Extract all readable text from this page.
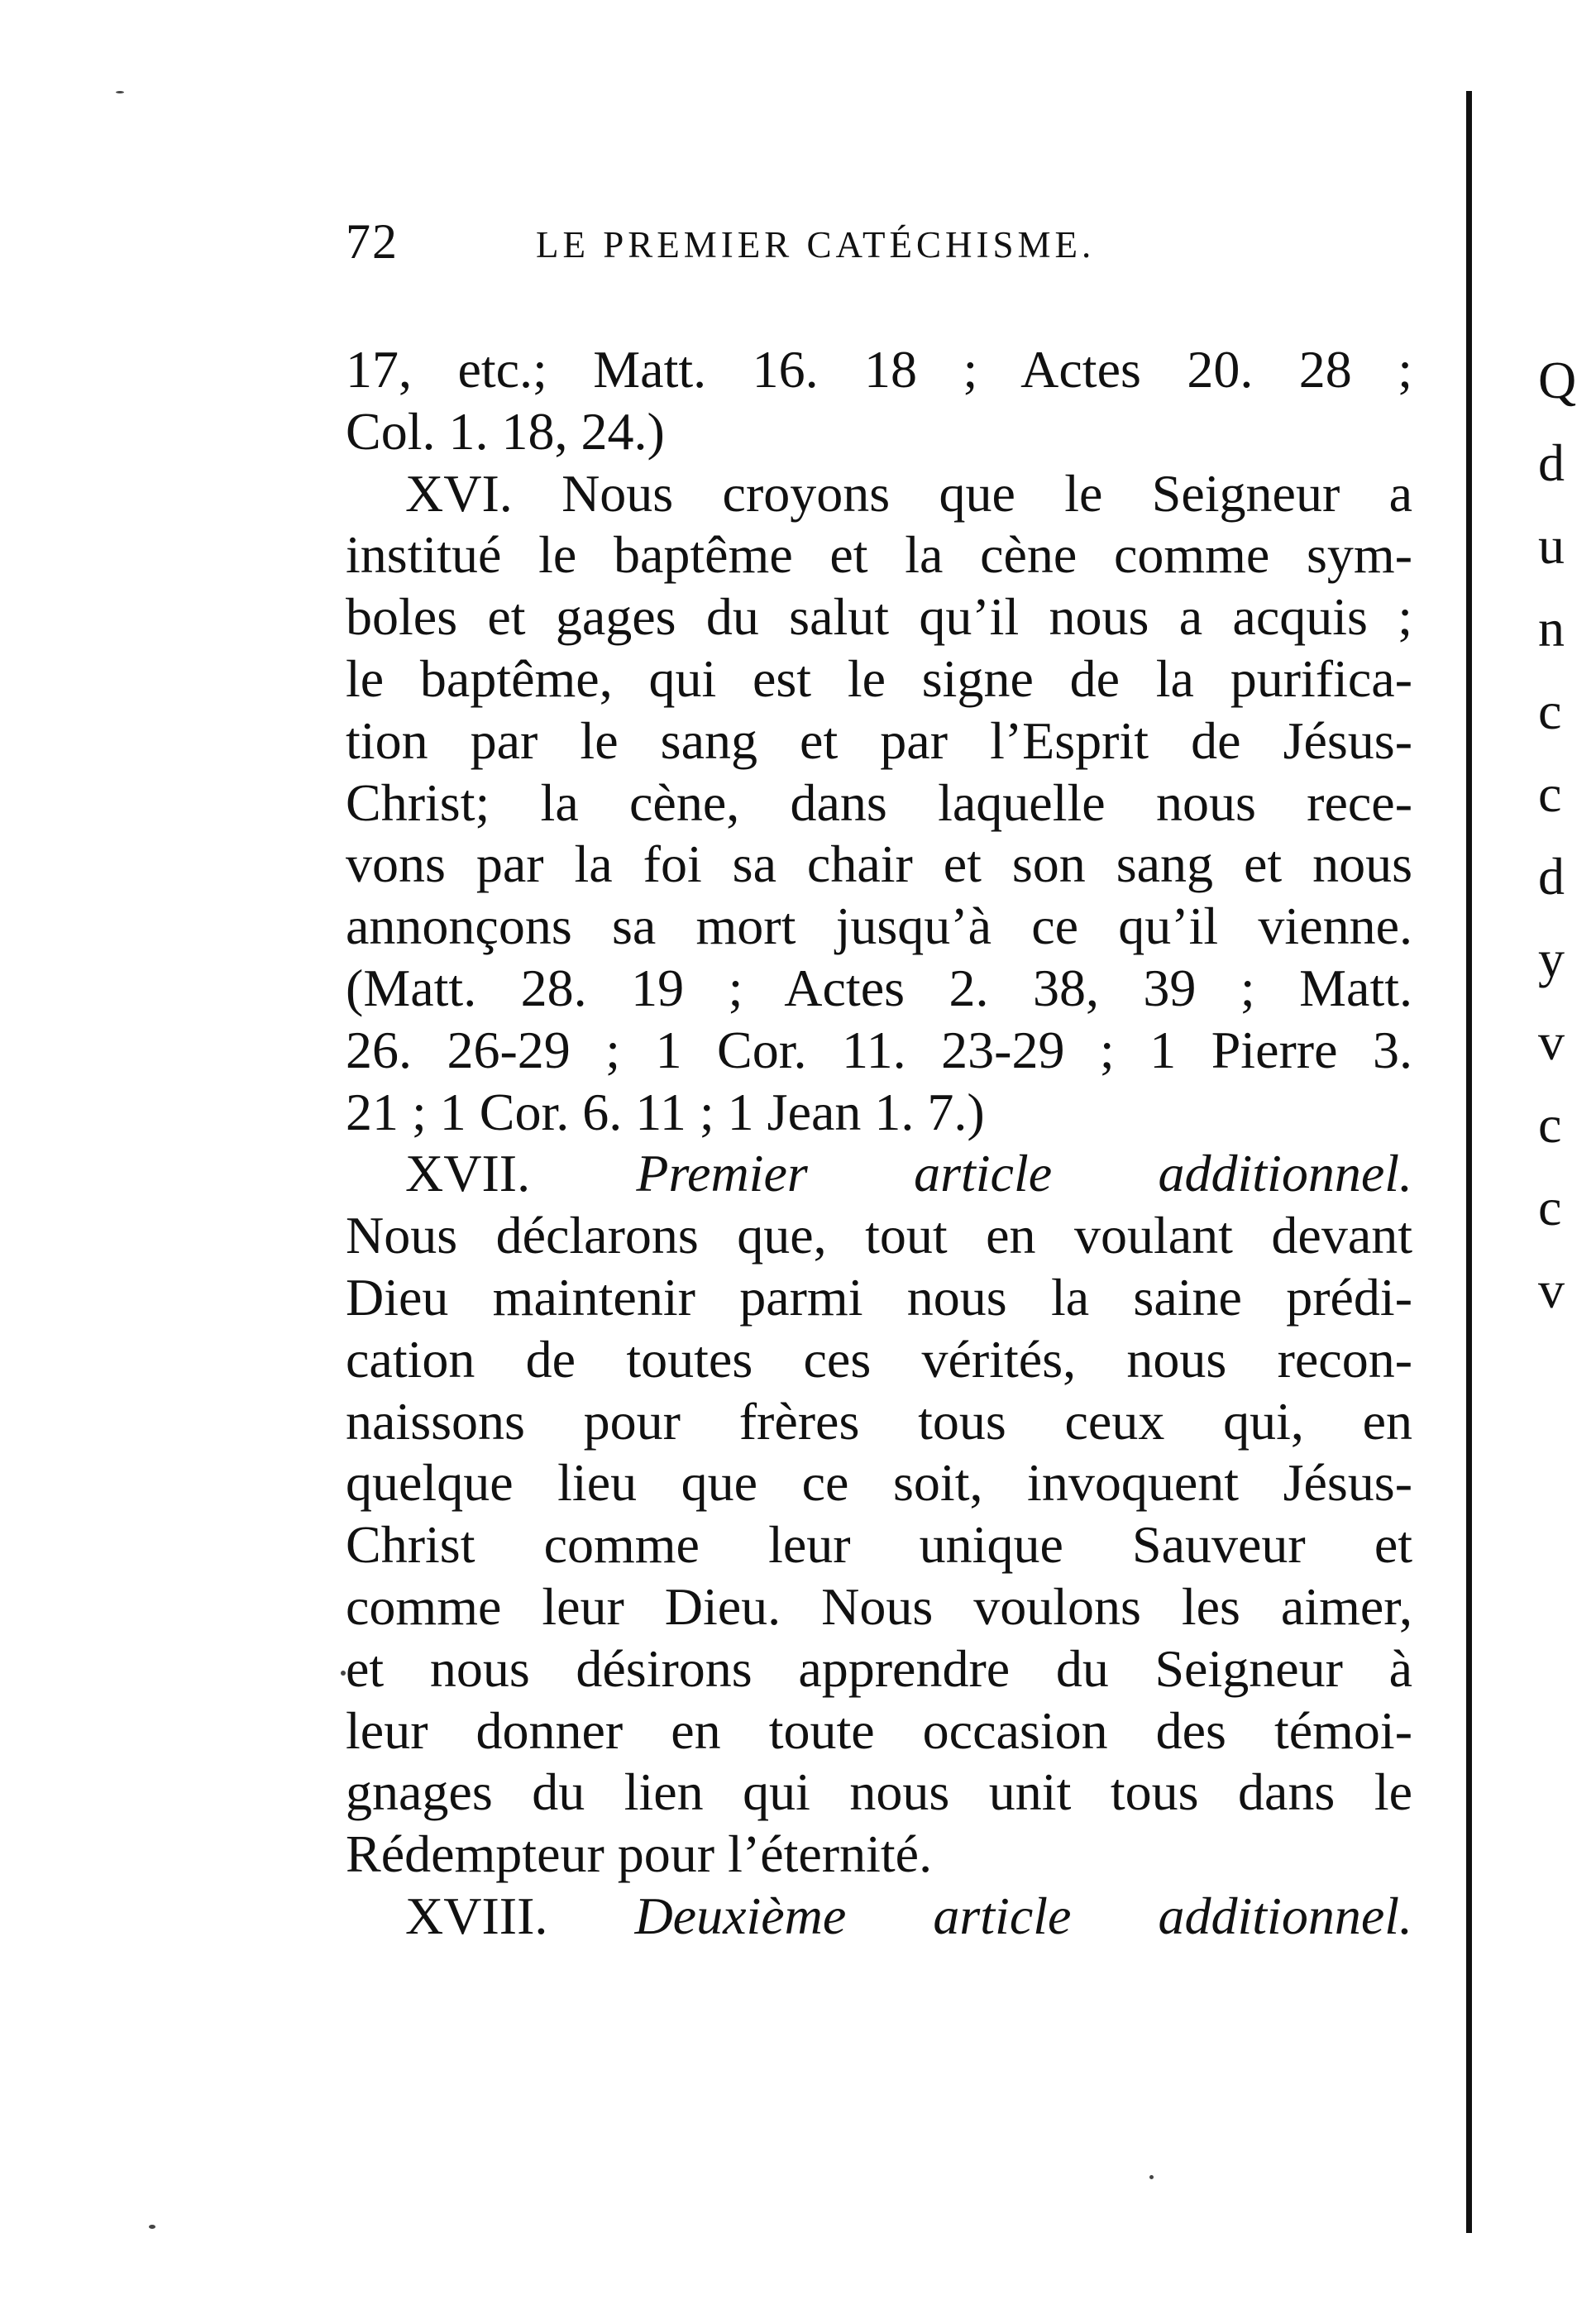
72	LE PREMIER CATÉCHISME.
17, etc.; Matt. 16. 18 ; Actes 20. 28 ;
Col. 1. 18, 24.)
XVI. Nous croyons que le Seigneur a
institué le baptême et la cène comme sym-
boles et gages du salut qu’il nous a acquis ;
le baptême, qui est le signe de la purifica-
tion par le sang et par l’Esprit de Jésus-
Christ; la cène, dans laquelle nous rece-
vons par la foi sa chair et son sang et nous
annonçons sa mort jusqu’à ce qu’il vienne.
(Matt. 28. 19 ; Actes 2. 38, 39 ; Matt.
26. 26-29 ; 1 Cor. 11. 23-29 ; 1 Pierre 3.
21 ; 1 Cor. 6. 11 ; 1 Jean 1. 7.)
XVII. Premier article additionnel.
Nous déclarons que, tout en voulant devant
Dieu maintenir parmi nous la saine prédi-
cation de toutes ces vérités, nous recon-
naissons pour frères tous ceux qui, en
quelque lieu que ce soit, invoquent Jésus-
Christ comme leur unique Sauveur et
comme leur Dieu. Nous voulons les aimer,
et nous désirons apprendre du Seigneur à
leur donner en toute occasion des témoi-
gnages du lien qui nous unit tous dans le
Rédempteur pour l’éternité.
XVIII. Deuxième article additionnel.
Q
d
u
n
c
c
d
y
v
c
c
v
